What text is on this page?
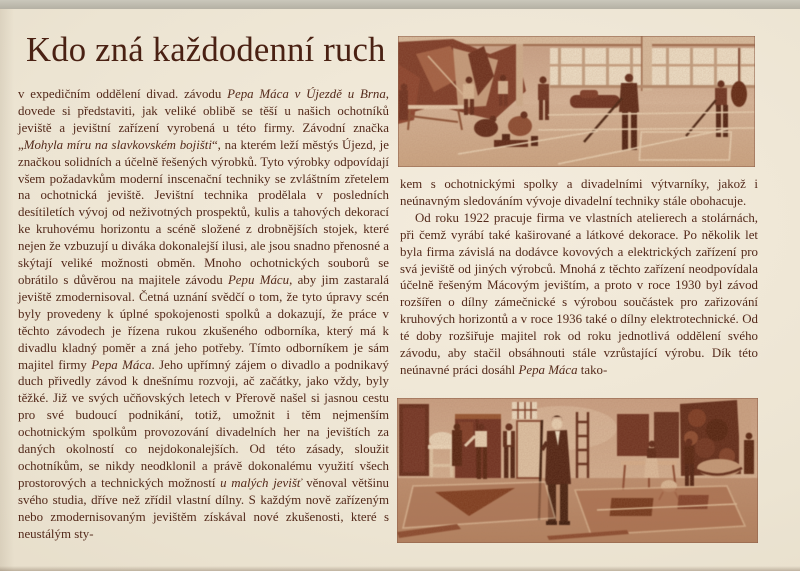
Kdo zná každodenní ruch

v expedičním oddělení divad. závodu Pepa Máca v Újezdě u Brna, dovede si představiti, jak veliké oblibě se těší u našich ochotníků jeviště a jevištní zařízení vyrobená u této firmy. Závodní značka „Mohyla míru na slavkovském bojišti“, na kterém leží městýs Újezd, je značkou solidních a účelně řešených výrobků. Tyto výrobky odpovídají všem požadavkům moderní inscenační techniky se zvláštním zřetelem na ochotnická jeviště. Jevištní technika prodělala v posledních desítiletích vývoj od neživotných prospektů, kulis a tahových dekorací ke kruhovému horizontu a scéně složené z drobnějších stojek, které nejen že vzbuzují u diváka dokonalejší ilusi, ale jsou snadno přenosné a skýtají veliké možnosti obměn. Mnoho ochotnických souborů se obrátilo s důvěrou na majitele závodu Pepu Mácu, aby jim zastaralá jeviště zmodernisoval. Četná uznání svědčí o tom, že tyto úpravy scén byly provedeny k úplné spokojenosti spolků a dokazují, že práce v těchto závodech je řízena rukou zkušeného odborníka, který má k divadlu kladný poměr a zná jeho potřeby. Tímto odborníkem je sám majitel firmy Pepa Máca. Jeho upřímný zájem o divadlo a podnikavý duch přivedly závod k dnešnímu rozvoji, ač začátky, jako vždy, byly těžké. Již ve svých učňovských letech v Přerově našel si jasnou cestu pro své budoucí podnikání, totiž, umožnit i těm nejmenším ochotnickým spolkům provozování divadelních her na jevištích za daných okolností co nejdokonalejších. Od této zásady, sloužit ochotníkům, se nikdy neodklonil a právě dokonalému využití všech prostorových a technických možností u malých jevišť věnoval většinu svého studia, dříve než zřídil vlastní dílny. S každým nově zařízeným nebo zmodernisovaným jevištěm získával nové zkušenosti, které s neustálým sty-

kem s ochotnickými spolky a divadelními výtvarníky, jakož i neúnavným sledováním vývoje divadelní techniky stále obohacuje.

Od roku 1922 pracuje firma ve vlastních atelierech a stolárnách, při čemž vyrábí také kaširované a látkové dekorace. Po několik let byla firma závislá na dodávce kovových a elektrických zařízení pro svá jeviště od jiných výrobců. Mnohá z těchto zařízení neodpovídala účelně řešeným Mácovým jevištím, a proto v roce 1930 byl závod rozšířen o dílny zámečnické s výrobou součástek pro zařizování kruhových horizontů a v roce 1936 také o dílny elektrotechnické. Od té doby rozšiřuje majitel rok od roku jednotlivá oddělení svého závodu, aby stačil obsáhnouti stále vzrůstající výrobu. Dík této neúnavné práci dosáhl Pepa Máca tako-
